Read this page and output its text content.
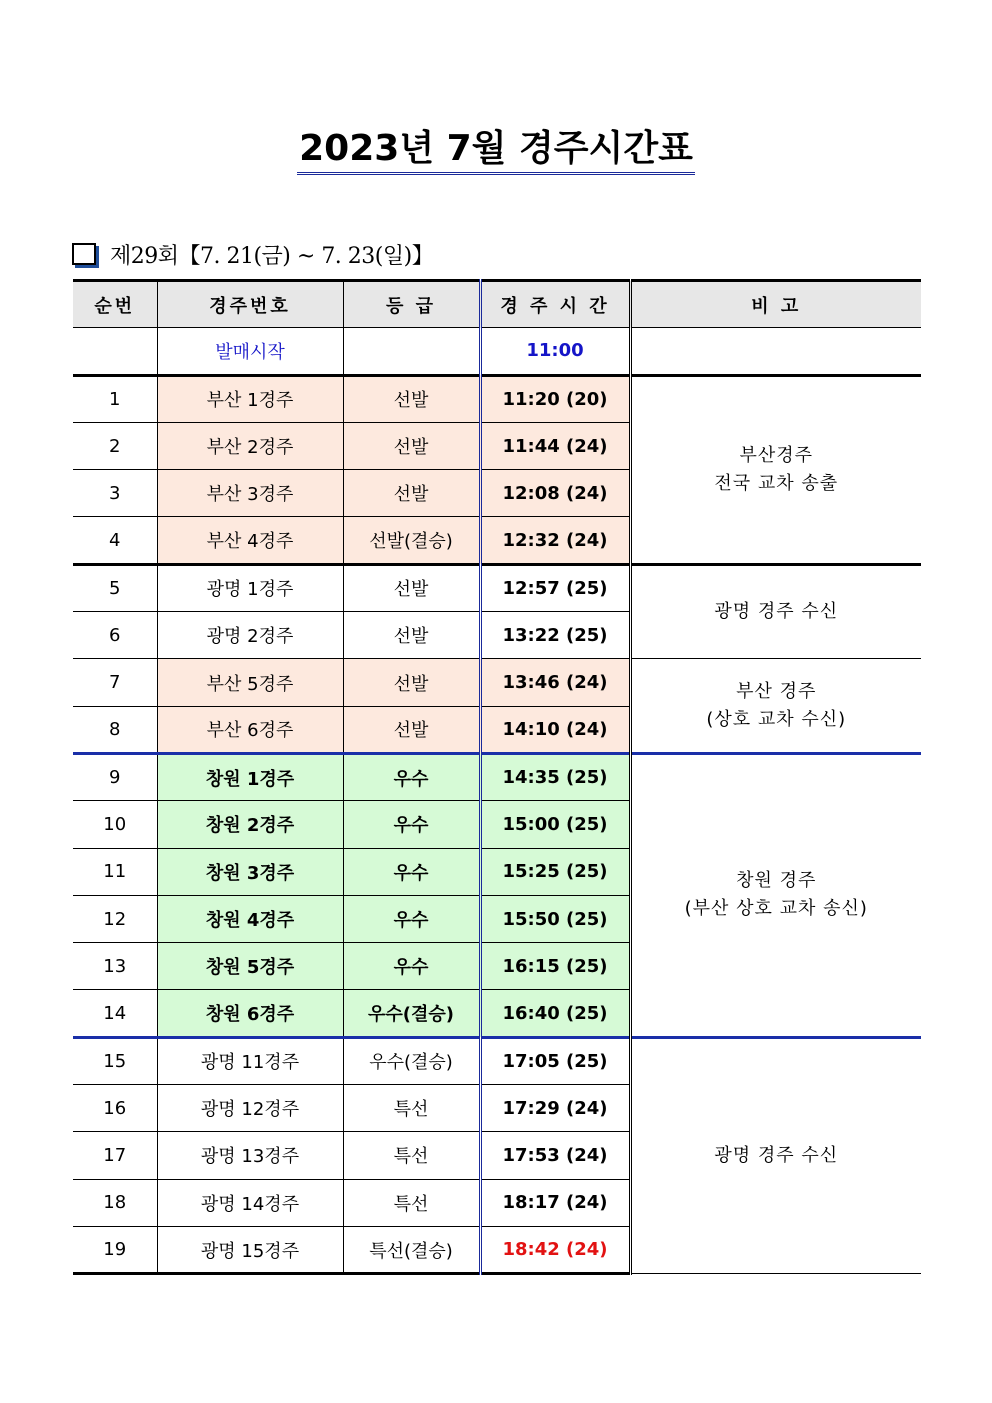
2023년 7월 경주시간표
제29회【7. 21(금) ~ 7. 23(일)】
순번	경주번호	등 급	경 주 시 간	비 고
	발매시작		11:00	
1	부산 1경주	선발	11:20 (20)	부산경주
전국 교차 송출

2	부산 2경주	선발	11:44 (24)	
3	부산 3경주	선발	12:08 (24)	
4	부산 4경주	선발(결승)	12:32 (24)	
5	광명 1경주	선발	12:57 (25)	광명 경주 수신

6	광명 2경주	선발	13:22 (25)	
7	부산 5경주	선발	13:46 (24)	부산 경주
(상호 교차 수신)

8	부산 6경주	선발	14:10 (24)	
9	창원 1경주	우수	14:35 (25)	창원 경주
(부산 상호 교차 송신)

10	창원 2경주	우수	15:00 (25)	
11	창원 3경주	우수	15:25 (25)	
12	창원 4경주	우수	15:50 (25)	
13	창원 5경주	우수	16:15 (25)	
14	창원 6경주	우수(결승)	16:40 (25)	
15	광명 11경주	우수(결승)	17:05 (25)	광명 경주 수신

16	광명 12경주	특선	17:29 (24)	
17	광명 13경주	특선	17:53 (24)	
18	광명 14경주	특선	18:17 (24)	
19	광명 15경주	특선(결승)	18:42 (24)	
